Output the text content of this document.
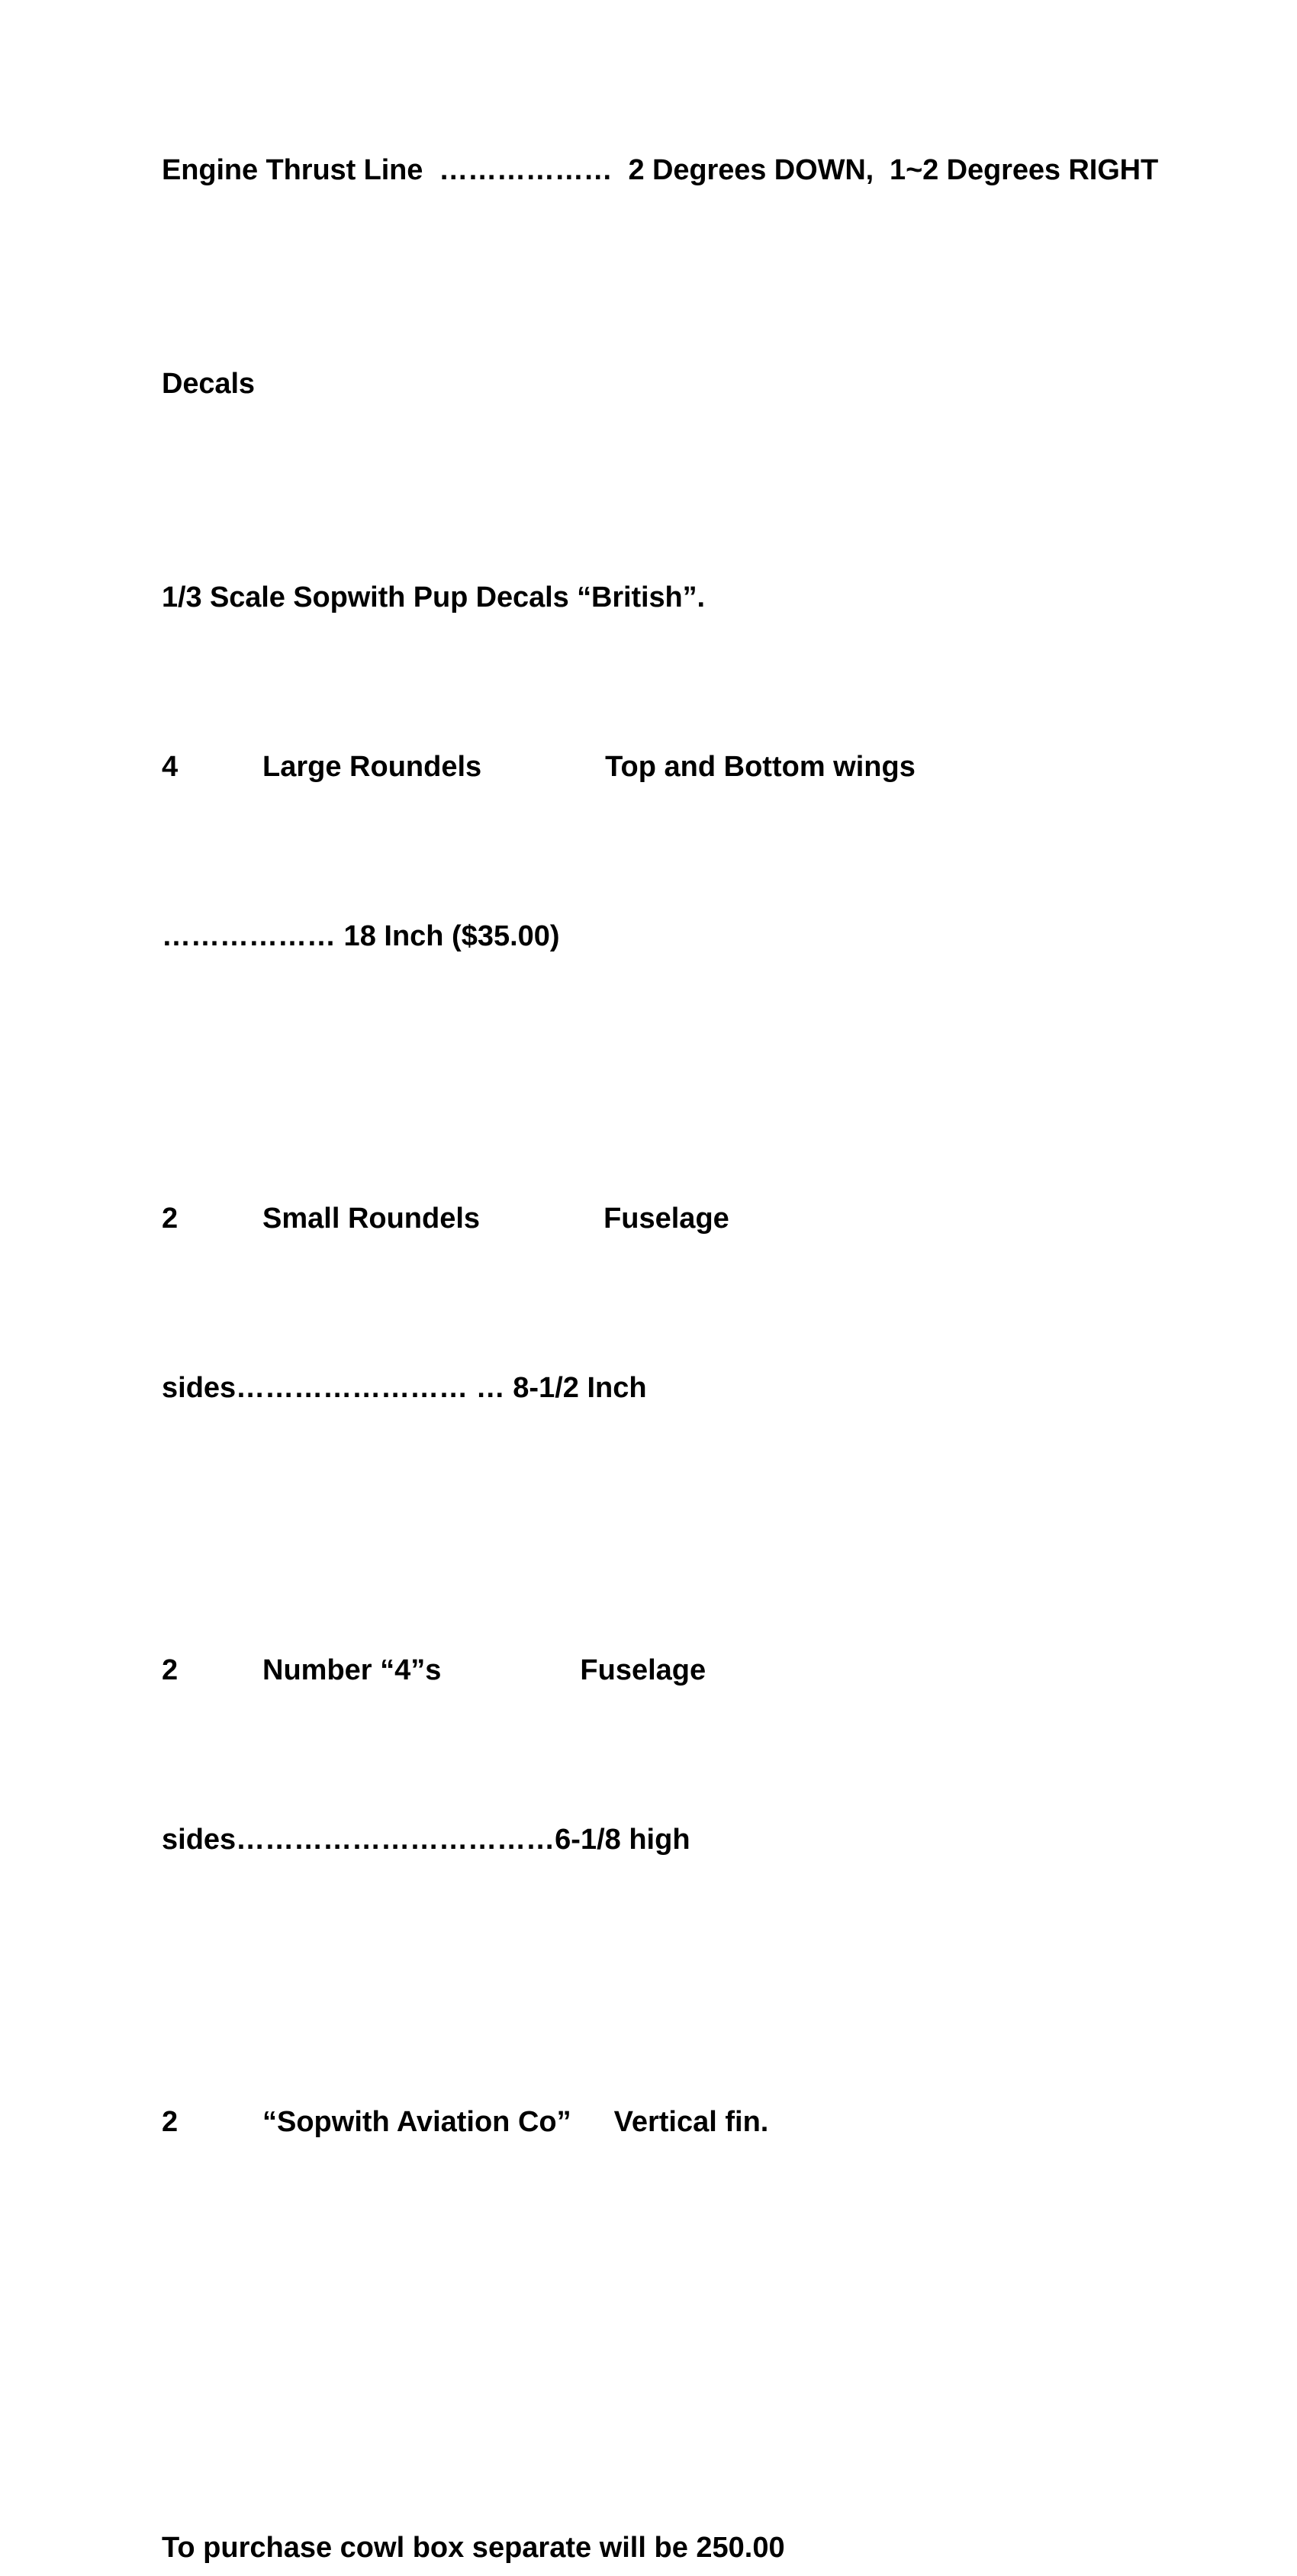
Engine Thrust Line  ………………  2 Degrees DOWN,  1~2 Degrees RIGHT

Decals

1/3 Scale Sopwith Pup Decals “British”.

4	Large Roundels	Top and Bottom wings

……………… 18 Inch ($35.00)

2	Small Roundels	Fuselage

sides…………………… … 8-1/2 Inch

2	Number “4”s	Fuselage

sides……………………………6-1/8 high

2	“Sopwith Aviation Co” Vertical fin.

To purchase cowl box separate will be 250.00
